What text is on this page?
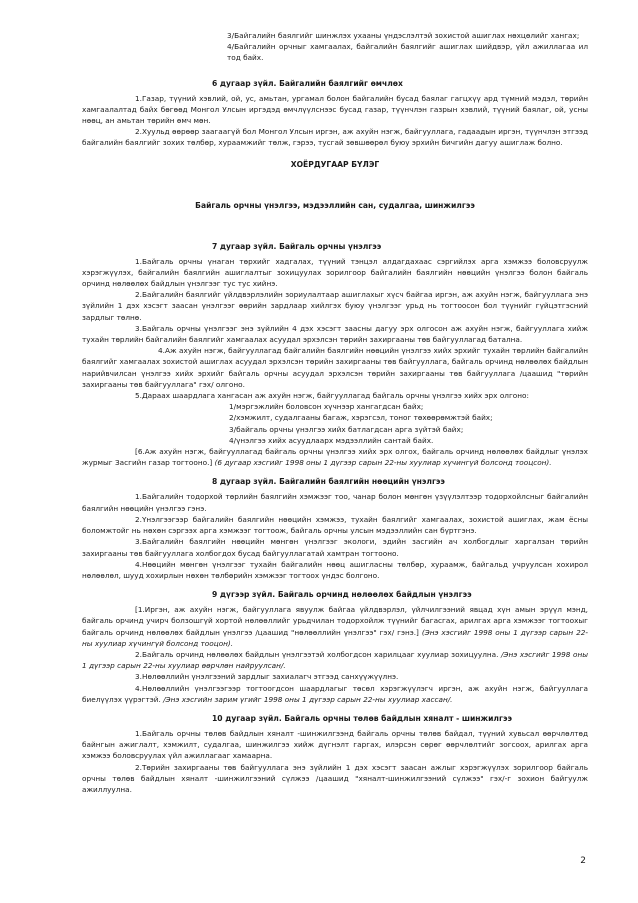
3/Байгалийн баялгийг шинжлэх ухааны үндэслэлтэй зохистой ашиглах нөхцөлийг хангах;

4/Байгалийн орчныг хамгаалах, байгалийн баялгийг ашиглах шийдвэр, үйл ажиллагаа ил тод байх.

6 дугаар зүйл. Байгалийн баялгийг өмчлөх

1.Газар, түүний хэвлий, ой, ус, амьтан, ургамал болон байгалийн бусад баялаг гагцхүү ард түмний мэдэл, төрийн хамгаалалтад байх бөгөөд Монгол Улсын иргэдэд өмчлүүлснээс бусад газар, түүнчлэн газрын хэвлий, түүний баялаг, ой, усны нөөц, ан амьтан төрийн өмч мөн.

2.Хуульд өөрөөр заагаагүй бол Монгол Улсын иргэн, аж ахуйн нэгж, байгууллага, гадаадын иргэн, түүнчлэн этгээд байгалийн баялгийг зохих төлбөр, хураамжийг төлж, гэрээ, тусгай зөвшөөрөл буюу эрхийн бичгийн дагуу ашиглаж болно.

ХОЁРДУГААР БҮЛЭГ

Байгаль орчны үнэлгээ, мэдээллийн сан, судалгаа, шинжилгээ

7 дугаар зүйл. Байгаль орчны үнэлгээ

1.Байгаль орчны үнаган төрхийг хадгалах, түүний тэнцэл алдагдахаас сэргийлэх арга хэмжээ боловсруулж хэрэгжүүлэх, байгалийн баялгийн ашиглалтыг зохицуулах зорилгоор байгалийн баялгийн нөөцийн үнэлгээ болон байгаль орчинд нөлөөлөх байдлын үнэлгээг тус тус хийнэ.

2.Байгалийн баялгийг үйлдвэрлэлийн зориулалтаар ашиглахыг хүсч байгаа иргэн, аж ахуйн нэгж, байгууллага энэ зүйлийн 1 дэх хэсэгт заасан үнэлгээг өөрийн зардлаар хийлгэх буюу үнэлгээг урьд нь тогтоосон бол түүнийг гүйцэтгэсний зардлыг төлнө.

3.Байгаль орчны үнэлгээг энэ зүйлийн 4 дэх хэсэгт заасны дагуу эрх олгосон аж ахуйн нэгж, байгууллага хийж тухайн төрлийн байгалийн баялгийг хамгаалах асуудал эрхэлсэн төрийн захиргааны төв байгууллагад батална.

4.Аж ахуйн нэгж, байгууллагад байгалийн баялгийн нөөцийн үнэлгээ хийх эрхийг тухайн төрлийн байгалийн баялгийг хамгаалах зохистой ашиглах асуудал эрхэлсэн төрийн захиргааны төв байгууллага, байгаль орчинд нөлөөлөх байдлын нарийвчилсан үнэлгээ хийх эрхийг байгаль орчны асуудал эрхэлсэн төрийн захиргааны төв байгууллага /цаашид "төрийн захиргааны төв байгууллага" гэх/ олгоно.

5.Дараах шаардлага хангасан аж ахуйн нэгж, байгууллагад байгаль орчны үнэлгээ хийх эрх олгоно:

1/мэргэжлийн боловсон хүчнээр хангагдсан байх;

2/хэмжилт, судалгааны багаж, хэрэгсэл, тоног төхөөрөмжтэй байх;

3/байгаль орчны үнэлгээ хийх батлагдсан арга зүйтэй байх;

4/үнэлгээ хийх асуудлаарх мэдээллийн сантай байх.

[6.Аж ахуйн нэгж, байгууллагад байгаль орчны үнэлгээ хийх эрх олгох, байгаль орчинд нөлөөлөх байдлыг үнэлэх журмыг Засгийн газар тогтооно.] (6 дугаар хэсгийг 1998 оны 1 дүгээр сарын 22-ны хуулиар хүчингүй болсонд тооцсон).

8 дугаар зүйл. Байгалийн баялгийн нөөцийн үнэлгээ

1.Байгалийн тодорхой төрлийн баялгийн хэмжээг тоо, чанар болон мөнгөн үзүүлэлтээр тодорхойлсныг байгалийн баялгийн нөөцийн үнэлгээ гэнэ.

2.Үнэлгээгээр байгалийн баялгийн нөөцийн хэмжээ, тухайн баялгийг хамгаалах, зохистой ашиглах, жам ёсны боломжтойг нь нөхөн сэргээх арга хэмжээг тогтоож, байгаль орчны улсын мэдээллийн сан бүртгэнэ.

3.Байгалийн баялгийн нөөцийн мөнгөн үнэлгээг экологи, эдийн засгийн ач холбогдлыг харгалзан төрийн захиргааны төв байгууллага холбогдох бусад байгууллагатай хамтран тогтооно.

4.Нөөцийн мөнгөн үнэлгээг тухайн байгалийн нөөц ашигласны төлбөр, хураамж, байгальд учруулсан хохирол нөлөөлөл, шууд хохирлын нөхөн төлбөрийн хэмжээг тогтоох үндэс болгоно.

9 дүгээр зүйл. Байгаль орчинд нөлөөлөх байдлын үнэлгээ

[1.Иргэн, аж ахуйн нэгж, байгууллага явуулж байгаа үйлдвэрлэл, үйлчилгээний явцад хүн амын эрүүл мэнд, байгаль орчинд учирч болзошгүй хортой нөлөөллийг урьдчилан тодорхойлж түүнийг багасгах, арилгах арга хэмжээг тогтоохыг байгаль орчинд нөлөөлөх байдлын үнэлгээ /цаашид "нөлөөллийн үнэлгээ" гэх/ гэнэ.] (Энэ хэсгийг 1998 оны 1 дүгээр сарын 22-ны хуулиар хүчингүй болсонд тооцон).

2.Байгаль орчинд нөлөөлөх байдлын үнэлгээтэй холбогдсон харилцааг хуулиар зохицуулна. /Энэ хэсгийг 1998 оны 1 дүгээр сарын 22-ны хуулиар өөрчлөн найруулсан/.

3.Нөлөөллийн үнэлгээний зардлыг захиалагч этгээд санхүүжүүлнэ.

4.Нөлөөллийн үнэлгээгээр тогтоогдсон шаардлагыг төсөл хэрэгжүүлэгч иргэн, аж ахуйн нэгж, байгууллага биелүүлэх үүрэгтэй. /Энэ хэсгийн зарим үгийг 1998 оны 1 дүгээр сарын 22-ны хуулиар хассан/.

10 дугаар зүйл. Байгаль орчны төлөв байдлын хяналт - шинжилгээ

1.Байгаль орчны төлөв байдлын хяналт -шинжилгээнд байгаль орчны төлөв байдал, түүний хувьсал өөрчлөлтөд байнгын ажиглалт, хэмжилт, судалгаа, шинжилгээ хийж дүгнэлт гаргах, илэрсэн сөрөг өөрчлөлтийг зогсоох, арилгах арга хэмжээ боловсруулах үйл ажиллагааг хамаарна.

2.Төрийн захиргааны төв байгууллага энэ зүйлийн 1 дэх хэсэгт заасан ажлыг хэрэгжүүлэх зорилгоор байгаль орчны төлөв байдлын хяналт -шинжилгээний сүлжээ /цаашид "хяналт-шинжилгээний сүлжээ" гэх/-г зохион байгуулж ажиллуулна.

2
